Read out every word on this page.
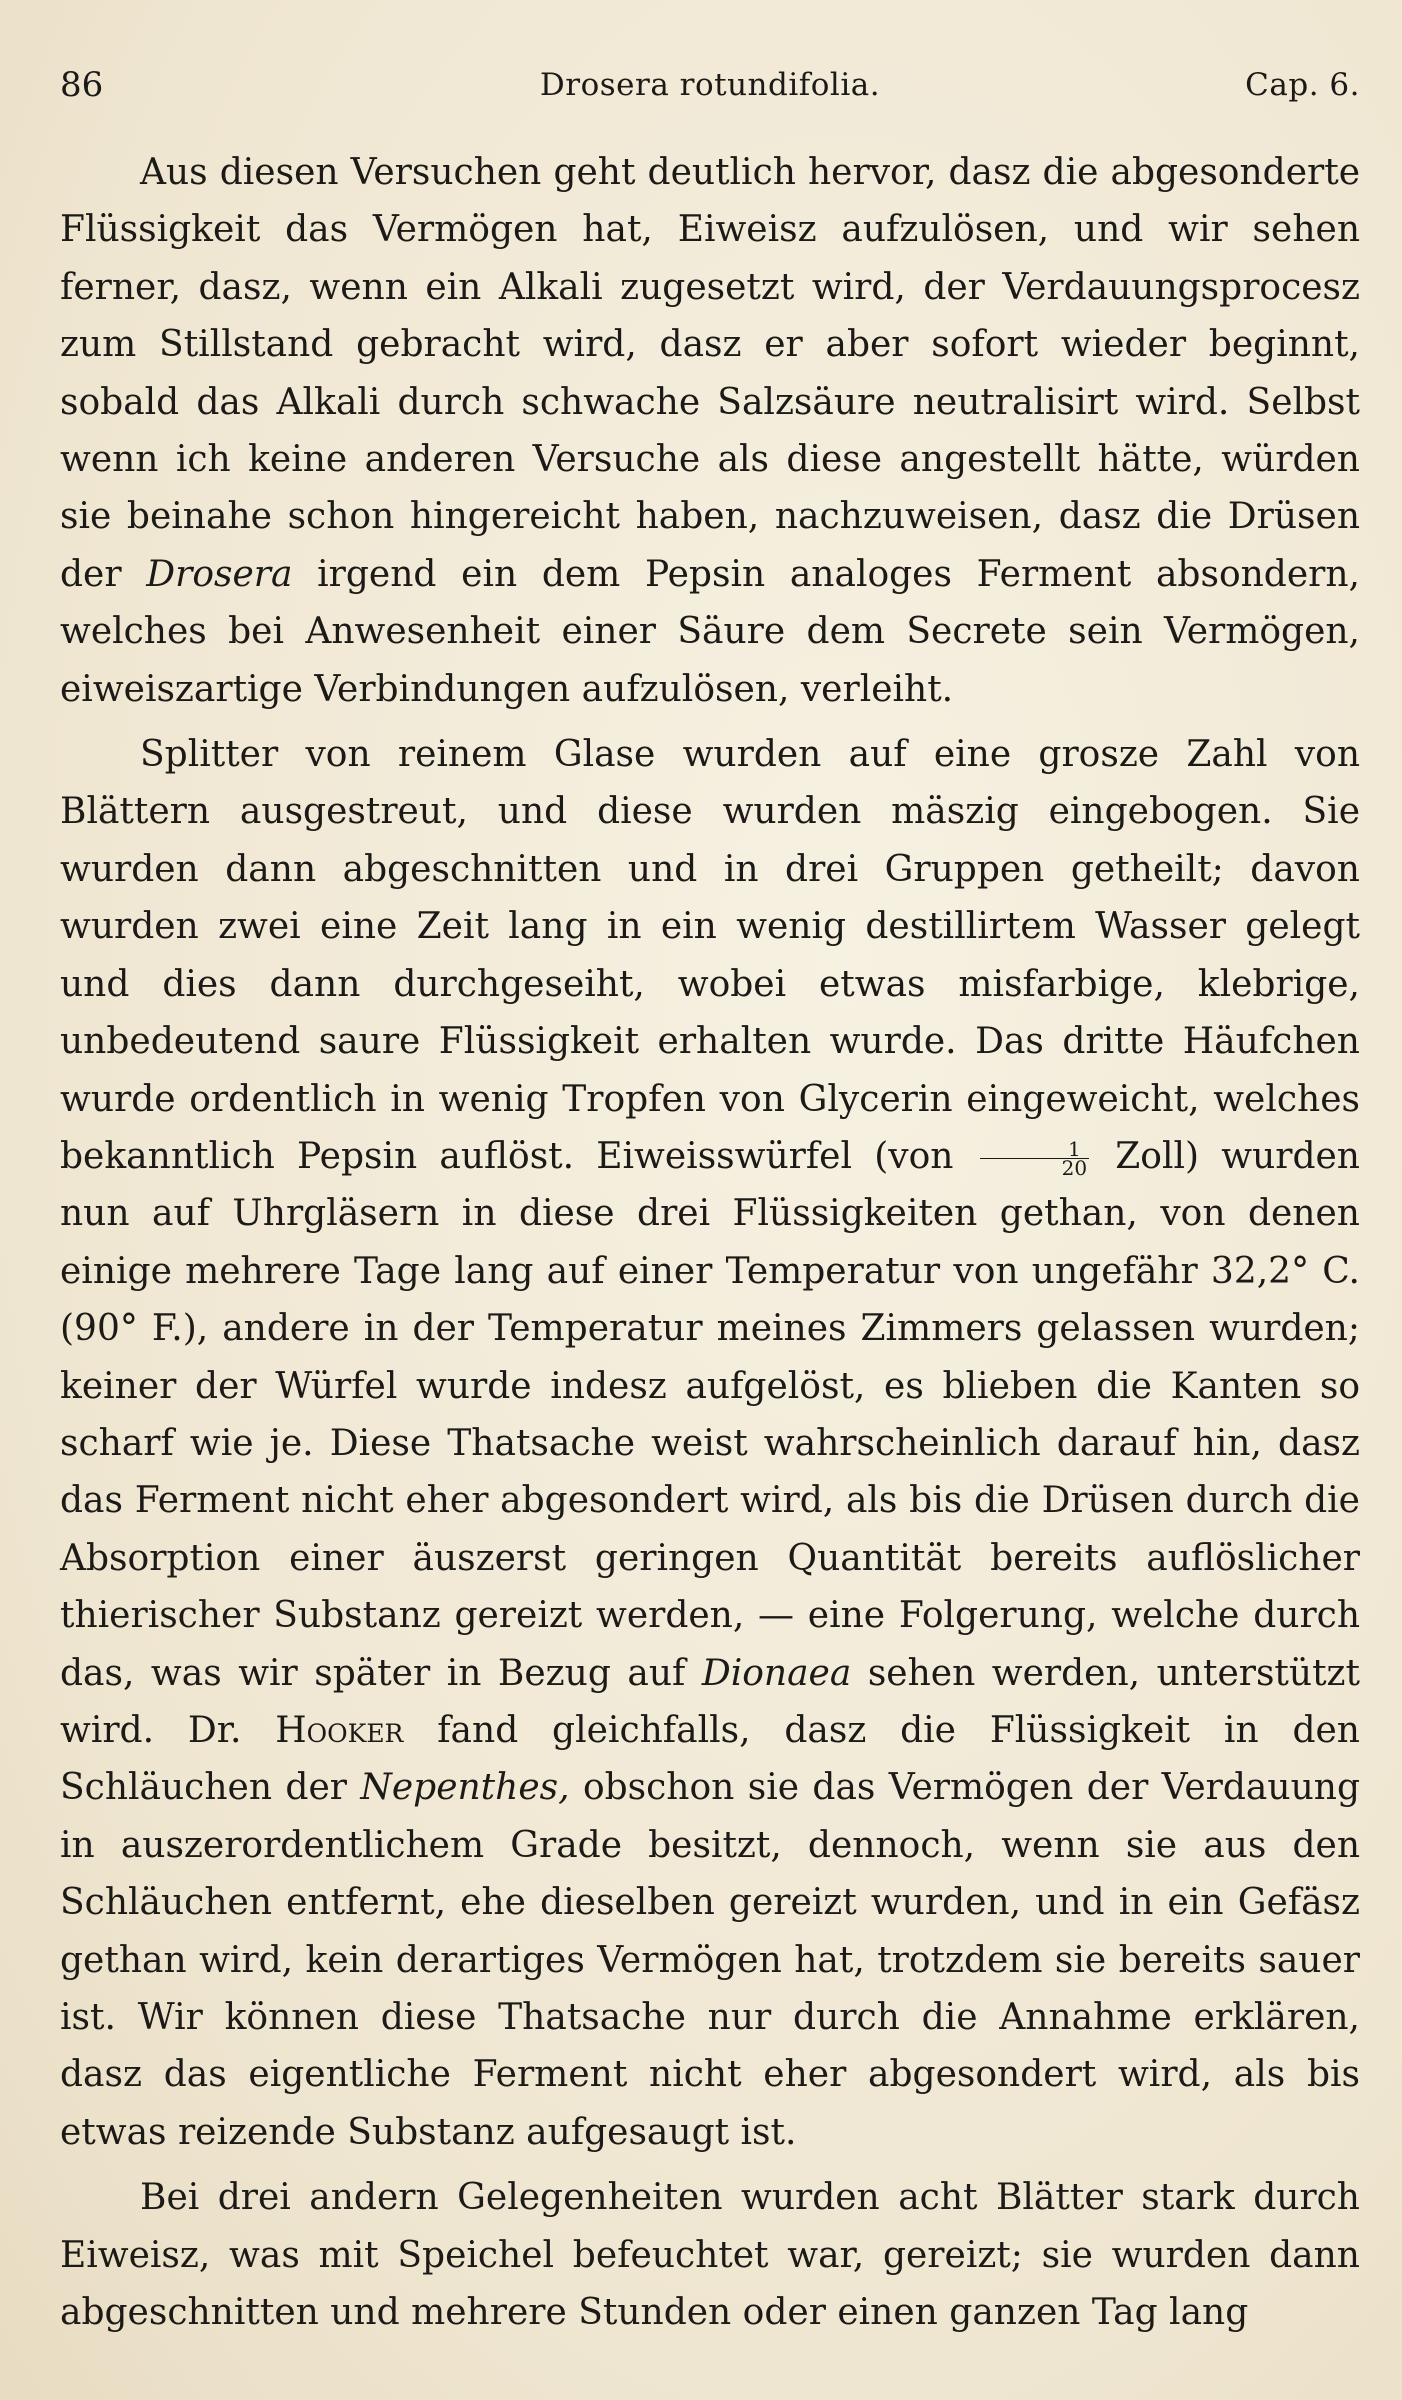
86	Drosera rotundifolia.	Cap. 6.

Aus diesen Versuchen geht deutlich hervor, dasz die abgesonderte Flüssigkeit das Vermögen hat, Eiweisz aufzulösen, und wir sehen ferner, dasz, wenn ein Alkali zugesetzt wird, der Verdauungsprocesz zum Stillstand gebracht wird, dasz er aber sofort wieder beginnt, sobald das Alkali durch schwache Salzsäure neutralisirt wird. Selbst wenn ich keine anderen Versuche als diese angestellt hätte, würden sie beinahe schon hingereicht haben, nachzuweisen, dasz die Drüsen der Drosera irgend ein dem Pepsin analoges Ferment absondern, welches bei Anwesenheit einer Säure dem Secrete sein Vermögen, eiweiszartige Verbindungen aufzulösen, verleiht.

Splitter von reinem Glase wurden auf eine grosze Zahl von Blättern ausgestreut, und diese wurden mäszig eingebogen. Sie wurden dann abgeschnitten und in drei Gruppen getheilt; davon wurden zwei eine Zeit lang in ein wenig destillirtem Wasser gelegt und dies dann durchgeseiht, wobei etwas misfarbige, klebrige, unbedeutend saure Flüssigkeit erhalten wurde. Das dritte Häufchen wurde ordentlich in wenig Tropfen von Glycerin eingeweicht, welches bekanntlich Pepsin auflöst. Eiweisswürfel ($von \frac{1}{20}$ Zoll) wurden nun auf Uhrgläsern in diese drei Flüssigkeiten gethan, von denen einige mehrere Tage lang auf einer Temperatur von ungefähr 32,2° C. (90° F.), andere in der Temperatur meines Zimmers gelassen wurden; keiner der Würfel wurde indesz aufgelöst, es blieben die Kanten so scharf wie je. Diese Thatsache weist wahrscheinlich darauf hin, dasz das Ferment nicht eher abgesondert wird, als bis die Drüsen durch die Absorption einer äuszerst geringen Quantität bereits auflöslicher thierischer Substanz gereizt werden, — eine Folgerung, welche durch das, was wir später in Bezug auf Dionaea sehen werden, unterstützt wird. Dr. Hooker fand gleichfalls, dasz die Flüssigkeit in den Schläuchen der Nepenthes, obschon sie das Vermögen der Verdauung in auszerordentlichem Grade besitzt, dennoch, wenn sie aus den Schläuchen entfernt, ehe dieselben gereizt wurden, und in ein Gefäsz gethan wird, kein derartiges Vermögen hat, trotzdem sie bereits sauer ist. Wir können diese Thatsache nur durch die Annahme erklären, dasz das eigentliche Ferment nicht eher abgesondert wird, als bis etwas reizende Substanz aufgesaugt ist.

Bei drei andern Gelegenheiten wurden acht Blätter stark durch Eiweisz, was mit Speichel befeuchtet war, gereizt; sie wurden dann abgeschnitten und mehrere Stunden oder einen ganzen Tag lang
